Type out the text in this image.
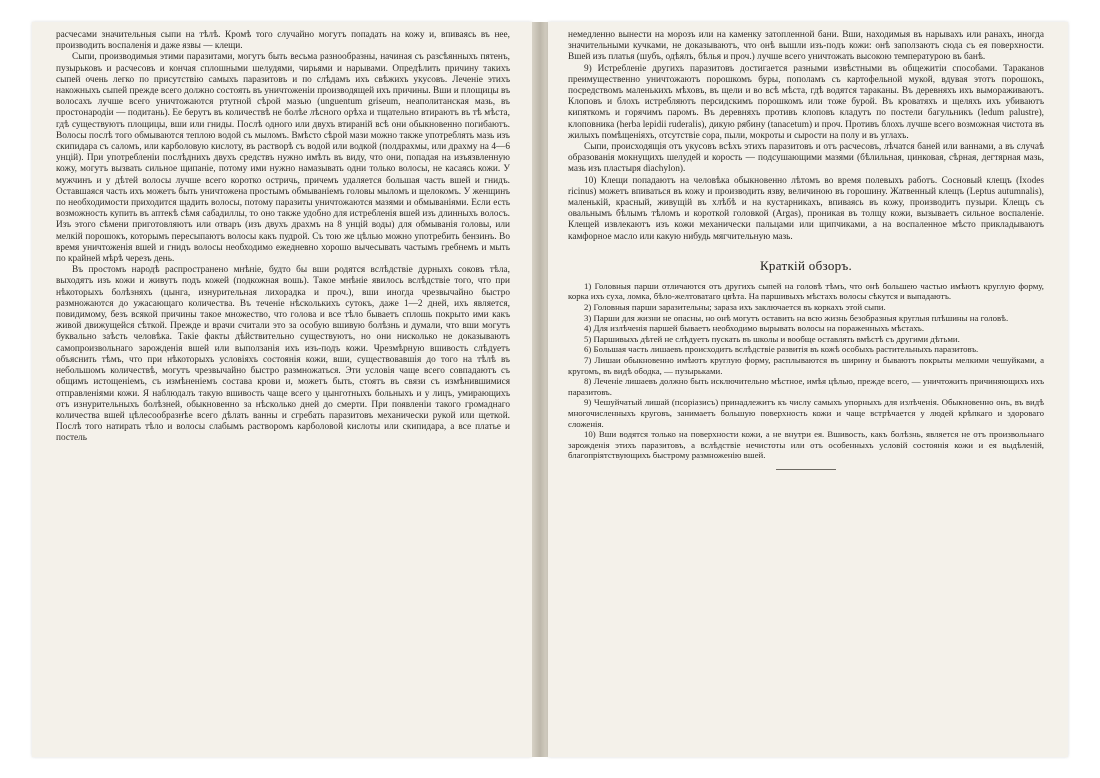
расчесами значительныя сыпи на тѣлѣ. Кромѣ того случайно могутъ попадать на кожу и, впиваясь въ нее, производить воспаленія и даже язвы — клещи.

Сыпи, производимыя этими паразитами, могутъ быть весьма разнообразны, начиная съ разсѣянныхъ пятенъ, пузырьковъ и расчесовъ и кончая сплошными шелудями, чирьями и нарывами. Опредѣлить причину такихъ сыпей очень легко по присутствію самыхъ паразитовъ и по слѣдамъ ихъ свѣжихъ укусовъ. Леченіе этихъ накожныхъ сыпей прежде всего должно состоять въ уничтоженіи производящей ихъ причины. Вши и площицы въ волосахъ лучше всего уничтожаются ртутной сѣрой мазью (unguentum griseum, неаполитанская мазь, въ простонародіи — подитань). Ее берутъ въ количествѣ не болѣе лѣсного орѣха и тщательно втираютъ въ тѣ мѣста, гдѣ существуютъ площицы, вши или гниды. Послѣ одного или двухъ втираній всѣ они обыкновенно погибаютъ. Волосы послѣ того обмываются теплою водой съ мыломъ. Вмѣсто сѣрой мази можно также употреблять мазь изъ скипидара съ саломъ, или карболовую кислоту, въ растворѣ съ водой или водкой (полдрахмы, или драхму на 4—6 унцій). При употребленіи послѣднихъ двухъ средствъ нужно имѣть въ виду, что они, попадая на изъязвленную кожу, могутъ вызвать сильное щипаніе, потому ими нужно намазывать одни только волосы, не касаясь кожи. У мужчинъ и у дѣтей волосы лучше всего коротко остричь, причемъ удаляется большая часть вшей и гнидъ. Оставшаяся часть ихъ можетъ быть уничтожена простымъ обмываніемъ головы мыломъ и щелокомъ. У женщинъ по необходимости приходится щадить волосы, потому паразиты уничтожаются мазями и обмываніями. Если есть возможность купить въ аптекѣ сѣмя сабадиллы, то оно также удобно для истребленія вшей изъ длинныхъ волосъ. Изъ этого сѣмени приготовляютъ или отваръ (изъ двухъ драхмъ на 8 унцій воды) для обмыванія головы, или мелкій порошокъ, которымъ пересыпаютъ волосы какъ пудрой. Съ тою же цѣлью можно употребить бензинъ. Во время уничтоженія вшей и гнидъ волосы необходимо ежедневно хорошо вычесывать частымъ гребнемъ и мыть по крайней мѣрѣ черезъ день.

Въ простомъ народѣ распространено мнѣніе, будто бы вши родятся вслѣдствіе дурныхъ соковъ тѣла, выходятъ изъ кожи и живутъ подъ кожей (подкожная вошь). Такое мнѣніе явилось вслѣдствіе того, что при нѣкоторыхъ болѣзняхъ (цынга, изнурительная лихорадка и проч.), вши иногда чрезвычайно быстро размножаются до ужасающаго количества. Въ теченіе нѣсколькихъ сутокъ, даже 1—2 дней, ихъ является, повидимому, безъ всякой причины такое множество, что голова и все тѣло бываетъ сплошь покрыто ими какъ живой движущейся сѣткой. Прежде и врачи считали это за особую вшивую болѣзнь и думали, что вши могутъ буквально заѣсть человѣка. Такіе факты дѣйствительно существуютъ, но они нисколько не доказываютъ самопроизвольнаго зарожденія вшей или выползанія ихъ изъ-подъ кожи. Чрезмѣрную вшивость слѣдуетъ объяснить тѣмъ, что при нѣкоторыхъ условіяхъ состоянія кожи, вши, существовавшія до того на тѣлѣ въ небольшомъ количествѣ, могутъ чрезвычайно быстро размножаться. Эти условія чаще всего совпадаютъ съ общимъ истощеніемъ, съ измѣненіемъ состава крови и, можетъ быть, стоятъ въ связи съ измѣнившимися отправленіями кожи. Я наблюдалъ такую вшивость чаще всего у цынготныхъ больныхъ и у лицъ, умирающихъ отъ изнурительныхъ болѣзней, обыкновенно за нѣсколько дней до смерти. При появленіи такого громаднаго количества вшей цѣлесообразнѣе всего дѣлать ванны и сгребать паразитовъ механически рукой или щеткой. Послѣ того натирать тѣло и волосы слабымъ растворомъ карболовой кислоты или скипидара, а все платье и постель

немедленно вынести на морозъ или на каменку затопленной бани. Вши, находимыя въ нарывахъ или ранахъ, иногда значительными кучками, не доказываютъ, что онѣ вышли изъ-подъ кожи: онѣ заползаютъ сюда съ ея поверхности. Вшей изъ платья (шубъ, одѣялъ, бѣлья и проч.) лучше всего уничтожать высокою температурою въ банѣ.

9) Истребленіе другихъ паразитовъ достигается разными извѣстными въ общежитіи способами. Тараканов преимущественно уничтожаютъ порошкомъ буры, пополамъ съ картофельной мукой, вдувая этотъ порошокъ, посредствомъ маленькихъ мѣховъ, въ щели и во всѣ мѣста, гдѣ водятся тараканы. Въ деревняхъ ихъ вымораживаютъ. Клоповъ и блохъ истребляютъ персидскимъ порошкомъ или тоже бурой. Въ кроватяхъ и щеляхъ ихъ убиваютъ кипяткомъ и горячимъ паромъ. Въ деревняхъ противъ клоповъ кладутъ по постели багульникъ (ledum palustre), клоповника (herba lepidii ruderalis), дикую рябину (tanacetum) и проч. Противъ блохъ лучше всего возможная чистота въ жилыхъ помѣщеніяхъ, отсутствіе сора, пыли, мокроты и сырости на полу и въ углахъ.

Сыпи, происходящія отъ укусовъ всѣхъ этихъ паразитовъ и отъ расчесовъ, лѣчатся баней или ваннами, а въ случаѣ образованія мокнущихъ шелудей и короcть — подсушающими мазями (бѣлильная, цинковая, сѣрная, дегтярная мазь, мазь изъ пластыря diachylon).

10) Клещи попадаютъ на человѣка обыкновенно лѣтомъ во время полевыхъ работъ. Сосновый клещъ (Ixodes ricinus) можетъ впиваться въ кожу и производить язву, величиною въ горошину. Жатвенный клещъ (Leptus autumnalis), маленькій, красный, живущій въ хлѣбѣ и на кустарникахъ, впиваясь въ кожу, производитъ пузыри. Клещъ съ овальнымъ бѣлымъ тѣломъ и короткой головкой (Argas), проникая въ толщу кожи, вызываетъ сильное воспаленіе. Клещей извлекаютъ изъ кожи механически пальцами или щипчиками, а на воспаленное мѣсто прикладываютъ камфорное масло или какую нибудь мягчительную мазь.

Краткій обзоръ.

1) Головныя парши отличаются отъ другихъ сыпей на головѣ тѣмъ, что онѣ большею частью имѣютъ круглую форму, корка ихъ суха, ломка, бѣло-желтоватаго цвѣта. На паршивыхъ мѣстахъ волосы сѣкутся и выпадаютъ.

2) Головныя парши заразительны; зараза ихъ заключается въ коркахъ этой сыпи.

3) Парши для жизни не опасны, но онѣ могутъ оставить на всю жизнь безобразныя круглыя плѣшины на головѣ.

4) Для излѣченія паршей бываетъ необходимо вырывать волосы на пораженныхъ мѣстахъ.

5) Паршивыхъ дѣтей не слѣдуетъ пускать въ школы и вообще оставлять вмѣстѣ съ другими дѣтьми.

6) Большая часть лишаевъ происходитъ вслѣдствіе развитія въ кожѣ особыхъ растительныхъ паразитовъ.

7) Лишаи обыкновенно имѣютъ круглую форму, расплываются въ ширину и бываютъ покрыты мелкими чешуйками, а кругомъ, въ видѣ ободка, — пузырьками.

8) Леченіе лишаевъ должно быть исключительно мѣстное, имѣя цѣлью, прежде всего, — уничтожить причиняющихъ ихъ паразитовъ.

9) Чешуйчатый лишай (псоріазисъ) принадлежитъ къ числу самыхъ упорныхъ для излѣченія. Обыкновенно онъ, въ видѣ многочисленныхъ круговъ, занимаетъ большую поверхность кожи и чаще встрѣчается у людей крѣпкаго и здороваго сложенія.

10) Вши водятся только на поверхности кожи, а не внутри ея. Вшивость, какъ болѣзнь, является не отъ произвольнаго зарожденія этихъ паразитовъ, а вслѣдствіе нечистоты или отъ особенныхъ условій состоянія кожи и ея выдѣленій, благопріятствующихъ быстрому размноженію вшей.
